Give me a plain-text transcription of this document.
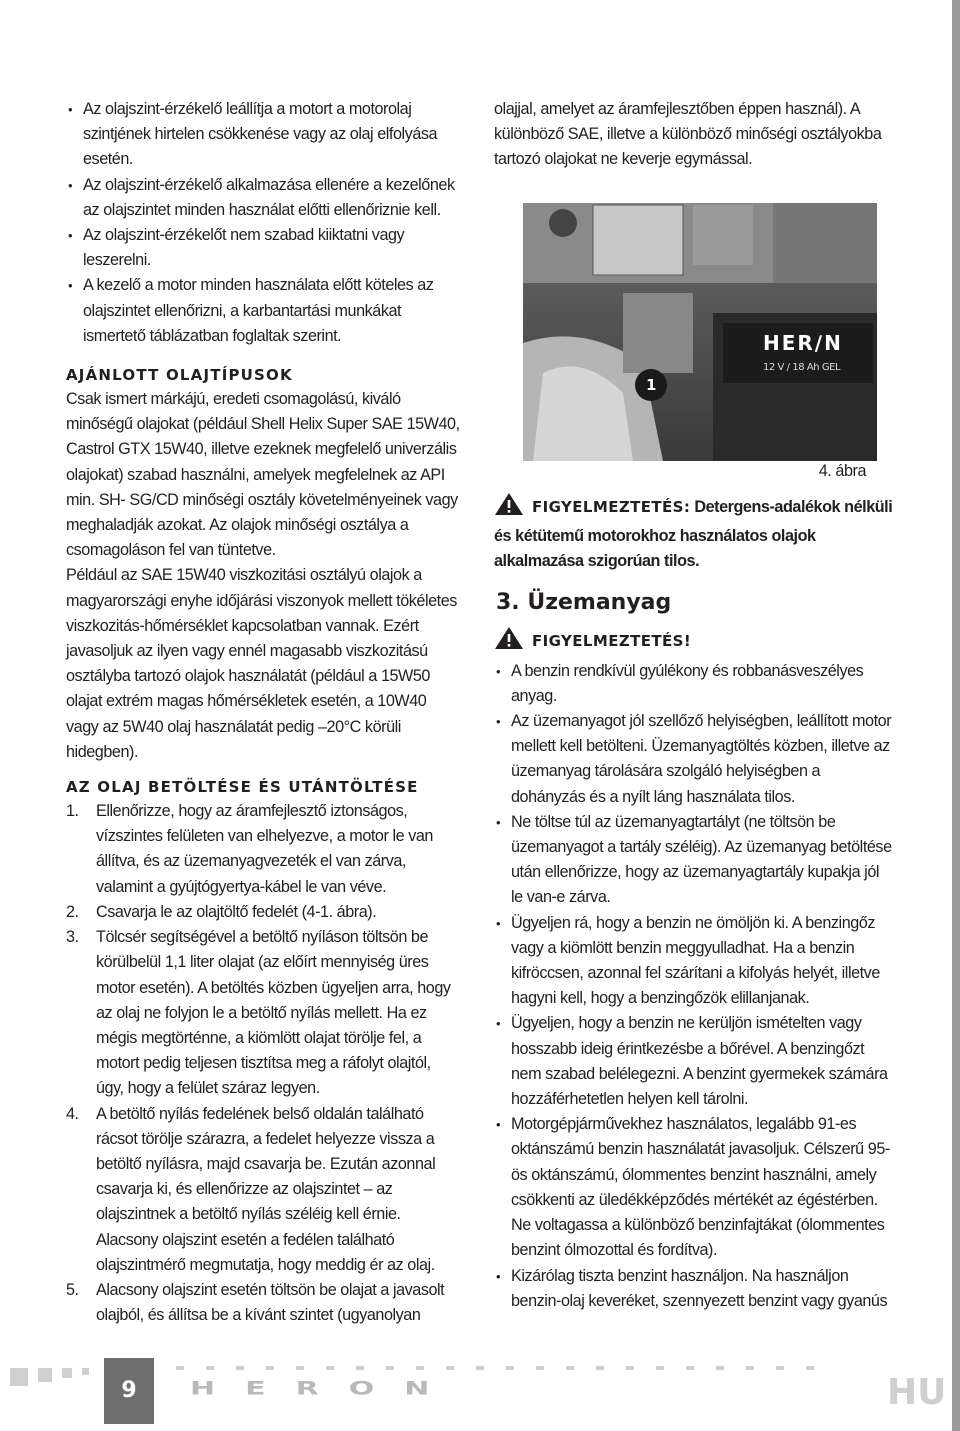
• Az olajszint-érzékelő leállítja a motort a motorolaj szintjének hirtelen csökkenése vagy az olaj elfolyása esetén.
• Az olajszint-érzékelő alkalmazása ellenére a kezelőnek az olajszintet minden használat előtti ellenőriznie kell.
• Az olajszint-érzékelőt nem szabad kiiktatni vagy leszerelni.
• A kezelő a motor minden használata előtt köteles az olajszintet ellenőrizni, a karbantartási munkákat ismertető táblázatban foglaltak szerint.
AJÁNLOTT OLAJTÍPUSOK

Csak ismert márkájú, eredeti csomagolású, kiváló minőségű olajokat (például Shell Helix Super SAE 15W40, Castrol GTX 15W40, illetve ezeknek megfelelő univerzális olajokat) szabad használni, amelyek megfelelnek az API min. SH- SG/CD minőségi osztály követelményeinek vagy meghaladják azokat. Az olajok minőségi osztálya a csomagoláson fel van tüntetve.

Például az SAE 15W40 viszkozitási osztályú olajok a magyarországi enyhe időjárási viszonyok mellett tökéletes viszkozitás-hőmérséklet kapcsolatban vannak. Ezért javasoljuk az ilyen vagy ennél magasabb viszkozitású osztályba tartozó olajok használatát (például a 15W50 olajat extrém magas hőmérsékletek esetén, a 10W40 vagy az 5W40 olaj használatát pedig –20°C körüli hidegben).

AZ OLAJ BETÖLTÉSE ÉS UTÁNTÖLTÉSE
1. Ellenőrizze, hogy az áramfejlesztő iztonságos, vízszintes felületen van elhelyezve, a motor le van állítva, és az üzemanyagvezeték el van zárva, valamint a gyújtógyertya-kábel le van véve.
2. Csavarja le az olajtöltő fedelét (4-1. ábra).
3. Tölcsér segítségével a betöltő nyíláson töltsön be körülbelül 1,1 liter olajat (az előírt mennyiség üres motor esetén). A betöltés közben ügyeljen arra, hogy az olaj ne folyjon le a betöltő nyílás mellett. Ha ez mégis megtörténne, a kiömlött olajat törölje fel, a motort pedig teljesen tisztítsa meg a ráfolyt olajtól, úgy, hogy a felület száraz legyen.
4. A betöltő nyílás fedelének belső oldalán található rácsot törölje szárazra, a fedelet helyezze vissza a betöltő nyílásra, majd csavarja be. Ezután azonnal csavarja ki, és ellenőrizze az olajszintet – az olajszintnek a betöltő nyílás széléig kell érnie. Alacsony olajszint esetén a fedélen található olajszintmérő megmutatja, hogy meddig ér az olaj.
5. Alacsony olajszint esetén töltsön be olajat a javasolt olajból, és állítsa be a kívánt szintet (ugyanolyan

olajjal, amelyet az áramfejlesztőben éppen használ). A különböző SAE, illetve a különböző minőségi osztályokba tartozó olajokat ne keverje egymással.

HER∕N
12 V / 18 Ah GEL
1
4. ábra
FIGYELMEZTETÉS: Detergens-adalékok nélküli és kétütemű motorokhoz használatos olajok alkalmazása szigorúan tilos.
3. Üzemanyag
FIGYELMEZTETÉS!
• A benzin rendkívül gyúlékony és robbanásveszélyes anyag.
• Az üzemanyagot jól szellőző helyiségben, leállított motor mellett kell betölteni. Üzemanyagtöltés közben, illetve az üzemanyag tárolására szolgáló helyiségben a dohányzás és a nyílt láng használata tilos.
• Ne töltse túl az üzemanyagtartályt (ne töltsön be üzemanyagot a tartály széléig). Az üzemanyag betöltése után ellenőrizze, hogy az üzemanyagtartály kupakja jól le van-e zárva.
• Ügyeljen rá, hogy a benzin ne ömöljön ki. A benzingőz vagy a kiömlött benzin meggyulladhat. Ha a benzin kifröccsen, azonnal fel szárítani a kifolyás helyét, illetve hagyni kell, hogy a benzingőzök elillanjanak.
• Ügyeljen, hogy a benzin ne kerüljön ismételten vagy hosszabb ideig érintkezésbe a bőrével. A benzingőzt nem szabad belélegezni. A benzint gyermekek számára hozzáférhetetlen helyen kell tárolni.
• Motorgépjárművekhez használatos, legalább 91-es oktánszámú benzin használatát javasoljuk. Célszerű 95-ös oktánszámú, ólommentes benzint használni, amely csökkenti az üledékképződés mértékét az égéstérben. Ne voltagassa a különböző benzinfajtákat (ólommentes benzint ólmozottal és fordítva).
• Kizárólag tiszta benzint használjon. Na használjon benzin-olaj keveréket, szennyezett benzint vagy gyanús
9	HERON	HU
